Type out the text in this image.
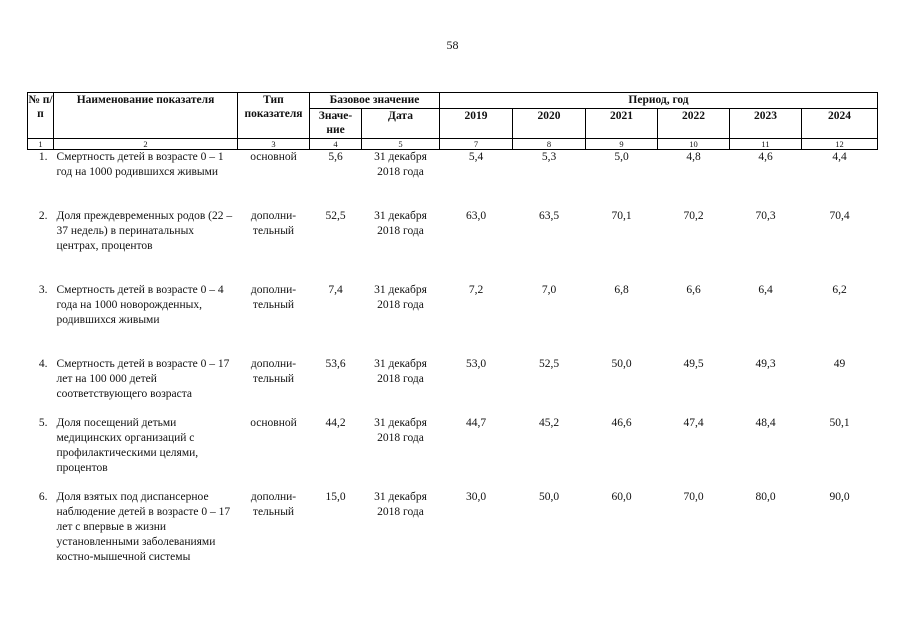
58
№ п/п	Наименование показателя	Тип показателя	Базовое значение		Период, год					
			Значе-ние	Дата	2019	2020	2021	2022	2023	2024
1	2	3	4	5	7	8	9	10	11	12
1.	Смертность детей в возрасте 0 – 1 год на 1000 родившихся живыми	основной	5,6	31 декабря 2018 года	5,4	5,3	5,0	4,8	4,6	4,4
2.	Доля преждевременных родов (22 – 37 недель) в перинатальных центрах, процентов	дополни-тельный	52,5	31 декабря 2018 года	63,0	63,5	70,1	70,2	70,3	70,4
3.	Смертность детей в возрасте 0 – 4 года на 1000 новорожденных, родившихся живыми	дополни-тельный	7,4	31 декабря 2018 года	7,2	7,0	6,8	6,6	6,4	6,2
4.	Смертность детей в возрасте 0 – 17 лет на 100 000 детей соответствующего возраста	дополни-тельный	53,6	31 декабря 2018 года	53,0	52,5	50,0	49,5	49,3	49
5.	Доля посещений детьми медицинских организаций с профилактическими целями, процентов	основной	44,2	31 декабря 2018 года	44,7	45,2	46,6	47,4	48,4	50,1
6.	Доля взятых под диспансерное наблюдение детей в возрасте 0 – 17 лет с впервые в жизни установленными заболеваниями костно-мышечной системы	дополни-тельный	15,0	31 декабря 2018 года	30,0	50,0	60,0	70,0	80,0	90,0
